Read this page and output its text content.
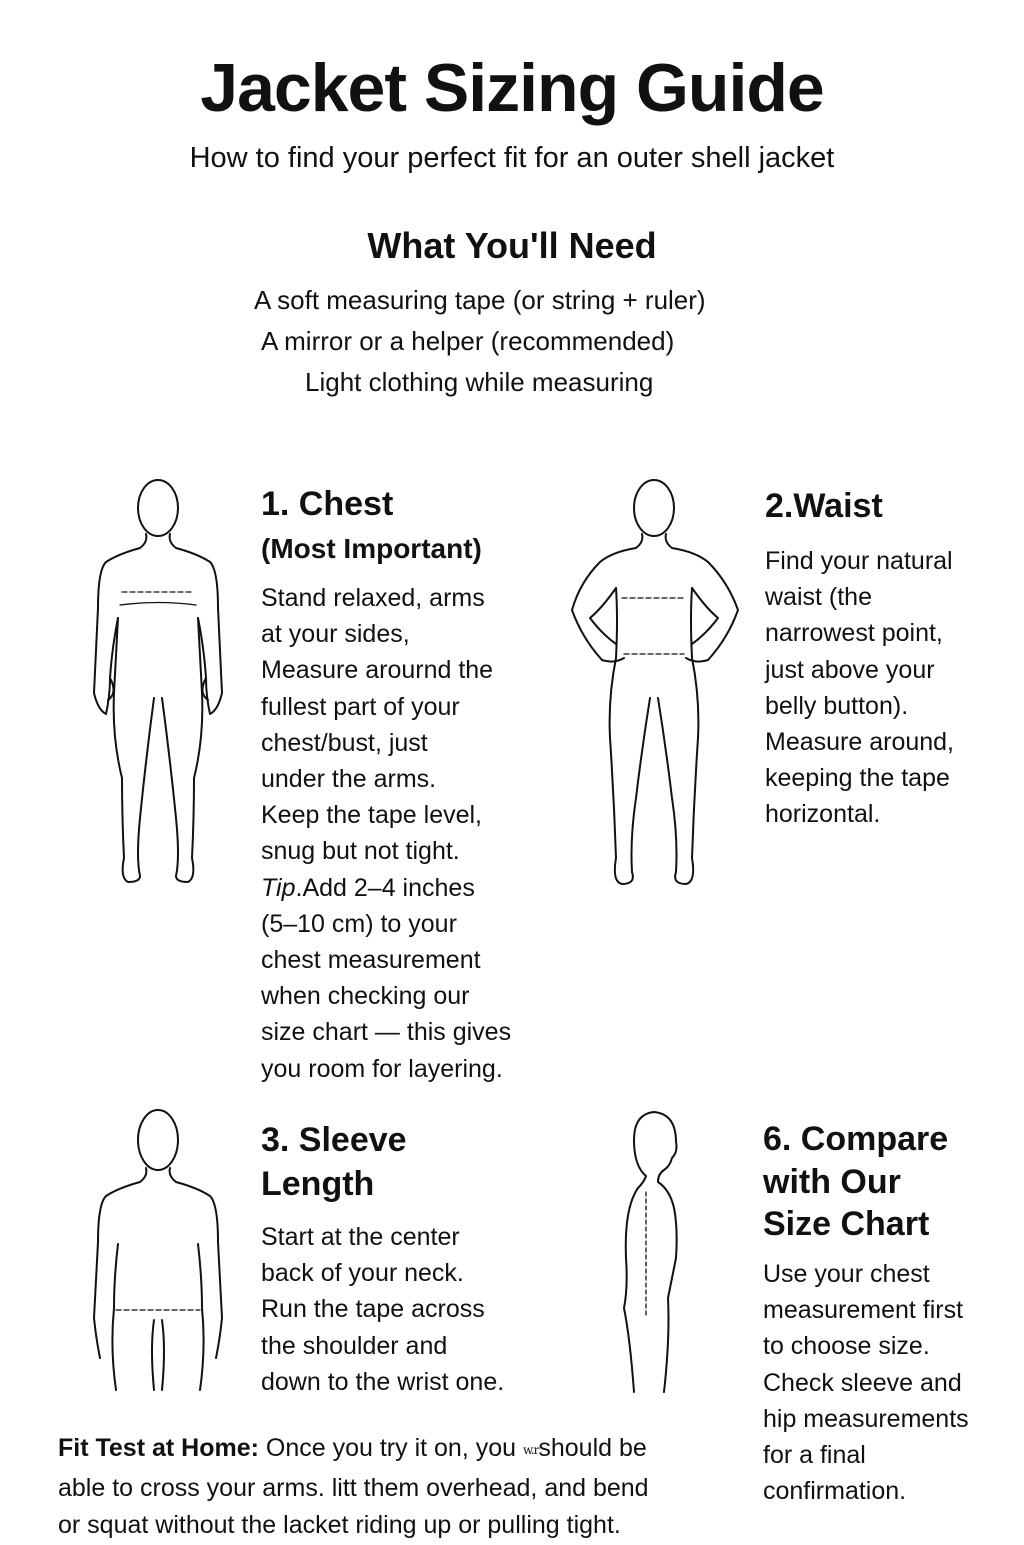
Jacket Sizing Guide
How to find your perfect fit for an outer shell jacket
What You'll Need
A soft measuring tape (or string + ruler)
A mirror or a helper (recommended)
Light clothing while measuring
1. Chest
(Most Important)
Stand relaxed, arms
at your sides,
Measure arournd the
fullest part of your
chest/bust, just
under the arms.
Keep the tape level,
snug but not tight.
Tip.Add 2–4 inches
(5–10 cm) to your
chest measurement
when checking our
size chart — this gives
you room for layering.
2.Waist
Find your natural
waist (the
narrowest point,
just above your
belly button).
Measure around,
keeping the tape
horizontal.
3. Sleeve
Length
Start at the center
back of your neck.
Run the tape across
the shoulder and
down to the wrist one.
6. Compare
with Our
Size Chart
Use your chest
measurement first
to choose size.
Check sleeve and
hip measurements
for a final
confirmation.
Fit Test at Home: Once you try it on, you w.rshould be
able to cross your arms. litt them overhead, and bend
or squat without the lacket riding up or pulling tight.
